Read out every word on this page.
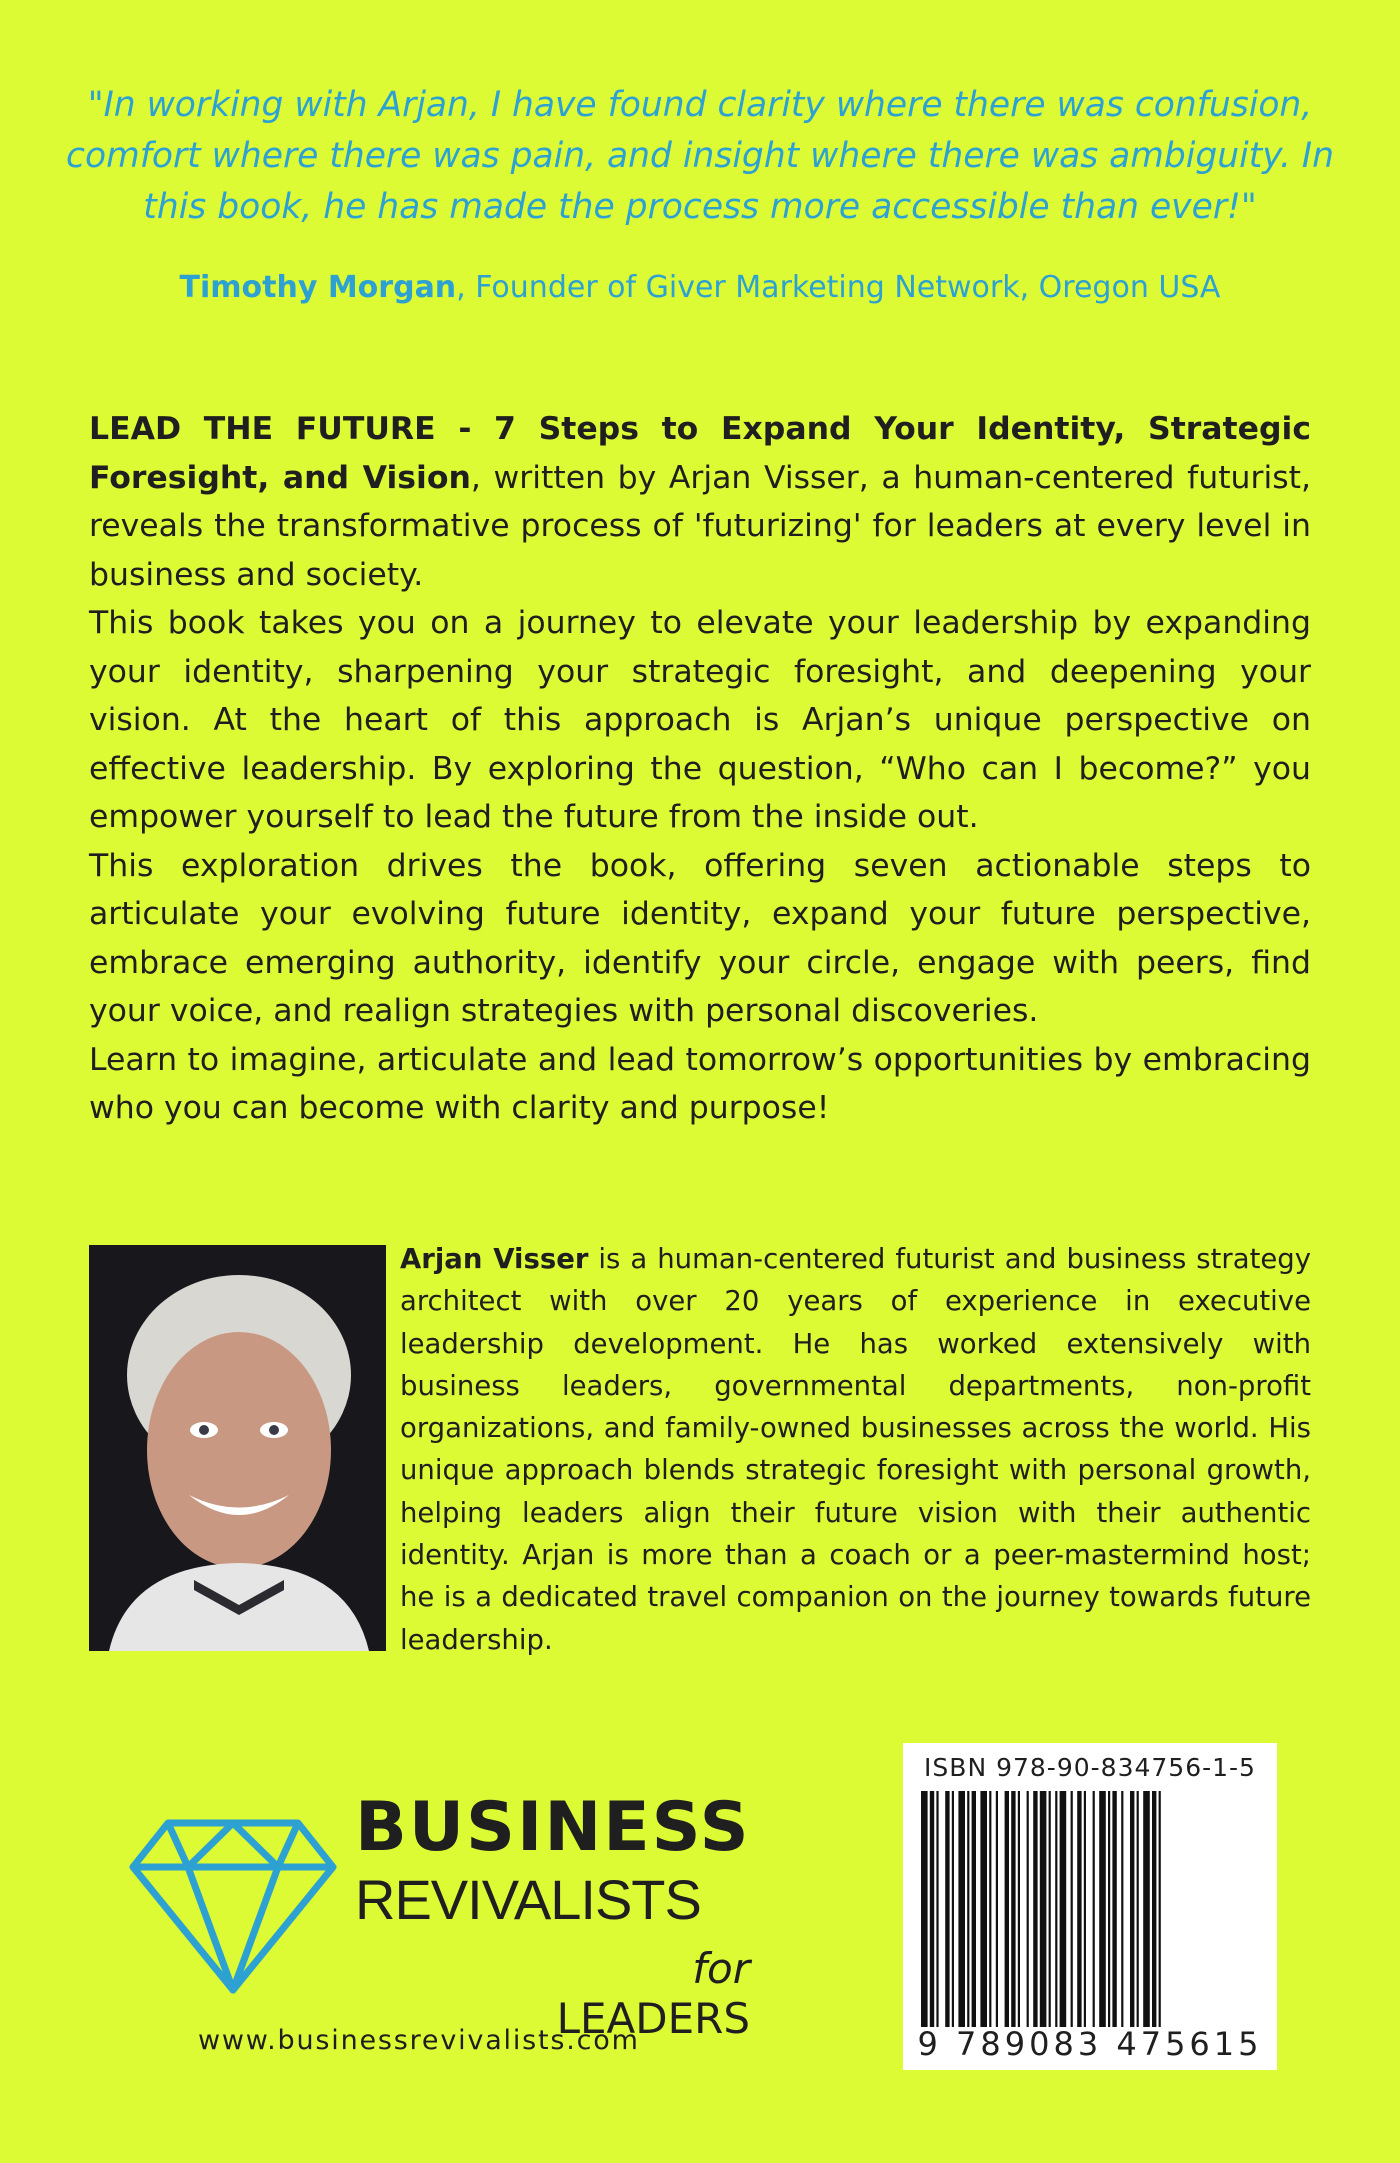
"In working with Arjan, I have found clarity where there was confusion, comfort where there was pain, and insight where there was ambiguity. In this book, he has made the process more accessible than ever!"
Timothy Morgan, Founder of Giver Marketing Network, Oregon USA

LEAD THE FUTURE - 7 Steps to Expand Your Identity, Strategic Foresight, and Vision, written by Arjan Visser, a human-centered futurist, reveals the transformative process of 'futurizing' for leaders at every level in business and society.

This book takes you on a journey to elevate your leadership by expanding your identity, sharpening your strategic foresight, and deepening your vision. At the heart of this approach is Arjan’s unique perspective on effective leadership. By exploring the question, “Who can I become?” you empower yourself to lead the future from the inside out.

This exploration drives the book, offering seven actionable steps to articulate your evolving future identity, expand your future perspective, embrace emerging authority, identify your circle, engage with peers, find your voice, and realign strategies with personal discoveries.

Learn to imagine, articulate and lead tomorrow’s opportunities by embracing who you can become with clarity and purpose!

Arjan Visser is a human-centered futurist and business strategy architect with over 20 years of experience in executive leadership development. He has worked extensively with business leaders, governmental departments, non-profit organizations, and family-owned businesses across the world. His unique approach blends strategic foresight with personal growth, helping leaders align their future vision with their authentic identity. Arjan is more than a coach or a peer-mastermind host; he is a dedicated travel companion on the journey towards future leadership.

BUSINESS
REVIVALISTS
for LEADERS
www.businessrevivalists.com
ISBN 978-90-834756-1-5
9 789083 475615
